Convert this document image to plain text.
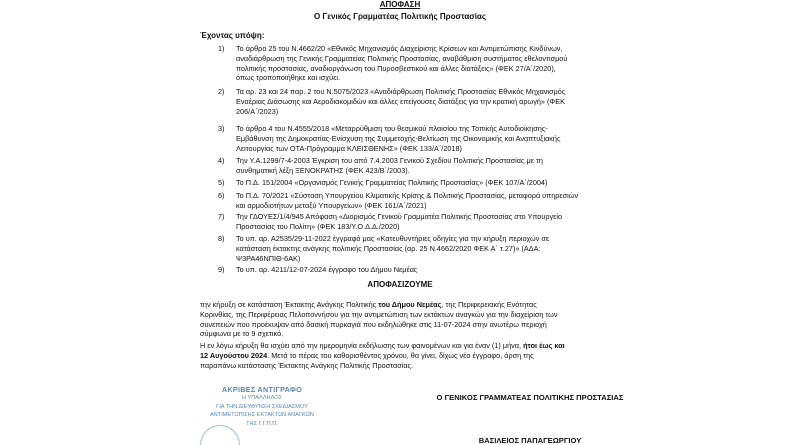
ΑΠΟΦΑΣΗ
Ο Γενικός Γραμματέας Πολιτικής Προστασίας
Έχοντας υπόψη:
1) Το άρθρο 25 του Ν.4662/20 «Εθνικός Μηχανισμός Διαχείρισης Κρίσεων και Αντιμετώπισης Κινδύνων,
αναδιάρθρωση της Γενικής Γραμματείας Πολιτικής Προστασίας, αναβάθμιση συστήματος εθελοντισμού
πολιτικής προστασίας, αναδιοργάνωση του Πυροσβεστικού και άλλες διατάξεις» (ΦΕΚ 27/Α΄/2020),
όπως τροποποιήθηκε και ισχύει.
2) Τα αρ. 23 και 24 παρ. 2 του Ν.5075/2023 «Αναδιάρθρωση Πολιτικής Προστασίας Εθνικός Μηχανισμός
Εναέριας Διάσωσης και Αεροδιακομιδών και άλλες επείγουσες διατάξεις για την κρατική αρωγή» (ΦΕΚ
206/Α΄/2023)
3) Το άρθρο 4 του Ν.4555/2018 «Μεταρρύθμιση του θεσμικού πλαισίου της Τοπικής Αυτοδιοίκησης-
Εμβάθυνση της Δημοκρατίας-Ενίσχυση της Συμμετοχής-Βελτίωση της Οικονομικής και Αναπτυξιακής
Λειτουργίας των ΟΤΑ-Πρόγραμμα ΚΛΕΙΣΘΕΝΗΣ» (ΦΕΚ 133/Α΄/2018)
4) Την Υ.Α.1299/7-4-2003 Έγκριση του από 7.4.2003 Γενικού Σχεδίου Πολιτικής Προστασίας με τη
συνθηματική λέξη ΞΕΝΟΚΡΑΤΗΣ (ΦΕΚ 423/Β΄/2003).
5) Το Π.Δ. 151/2004 «Οργανισμός Γενικής Γραμματείας Πολιτικής Προστασίας» (ΦΕΚ 107/Α΄/2004)
6) Το Π.Δ. 70/2021 «Σύσταση Υπουργείου Κλιματικής Κρίσης & Πολιτικής Προστασίας, μεταφορά υπηρεσιών
και αρμοδιοτήτων μεταξύ Υπουργείων» (ΦΕΚ 161/Α΄/2021)
7) Την ΓΔΟΥΕΣ/1/4/945 Απόφαση «Διορισμός Γενικού Γραμματέα Πολιτικής Προστασίας στο Υπουργείο
Προστασίας του Πολίτη» (ΦΕΚ 183/Υ.Ο.Δ.Δ./2020)
8) Το υπ. αρ. Α2535/29-11-2022 έγγραφό μας «Κατευθυντήριες οδηγίες για την κήρυξη περιοχών σε
κατάσταση έκτακτης ανάγκης πολιτικής Προστασίας (αρ. 25 Ν.4662/2020 ΦΕΚ Α΄ τ.27)» (ΑΔΑ:
Ψ3ΡΑ46ΝΠΙΘ-6ΑΚ)
9) Το υπ. αρ. 4211/12-07-2024 έγγραφο του Δήμου Νεμέας
ΑΠΟΦΑΣΙΖΟΥΜΕ
την κήρυξη σε κατάσταση Έκτακτης Ανάγκης Πολιτικής του Δήμου Νεμέας, της Περιφερειακής Ενότητας
Κορινθίας, της Περιφέρειας Πελοποννήσου για την αντιμετώπιση των εκτάκτων αναγκών για την διαχείριση των
συνεπειών που προέκυψαν από δασική πυρκαγιά που εκδηλώθηκε στις 11-07-2024 στην ανωτέρω περιοχή
σύμφωνα με το 9 σχετικό.
Η εν λόγω κήρυξη θα ισχύει από την ημερομηνία εκδήλωσης των φαινομένων και για έναν (1) μήνα, ήτοι έως και
12 Αυγούστου 2024. Μετά το πέρας του καθορισθέντος χρόνου, θα γίνει, δίχως νέο έγγραφο, άρση της
παραπάνω κατάστασης Έκτακτης Ανάγκης Πολιτικής Προστασίας.
ΑΚΡΙΒΕΣ ΑΝΤΙΓΡΑΦΟ
Η ΥΠΑΛΛΗΛΟΣ
ΓΙΑ ΤΗΝ ΔΙΕΥΘΥΝΣΗ ΣΧΕΔΙΑΣΜΟΥ
ΑΝΤΙΜΕΤΩΠΙΣΗΣ ΕΚΤΑΚΤΩΝ ΑΝΑΓΚΩΝ
ΤΗΣ Γ.Γ.Π.Π.
Ο ΓΕΝΙΚΟΣ ΓΡΑΜΜΑΤΕΑΣ ΠΟΛΙΤΙΚΗΣ ΠΡΟΣΤΑΣΙΑΣ
ΒΑΣΙΛΕΙΟΣ ΠΑΠΑΓΕΩΡΓΙΟΥ
